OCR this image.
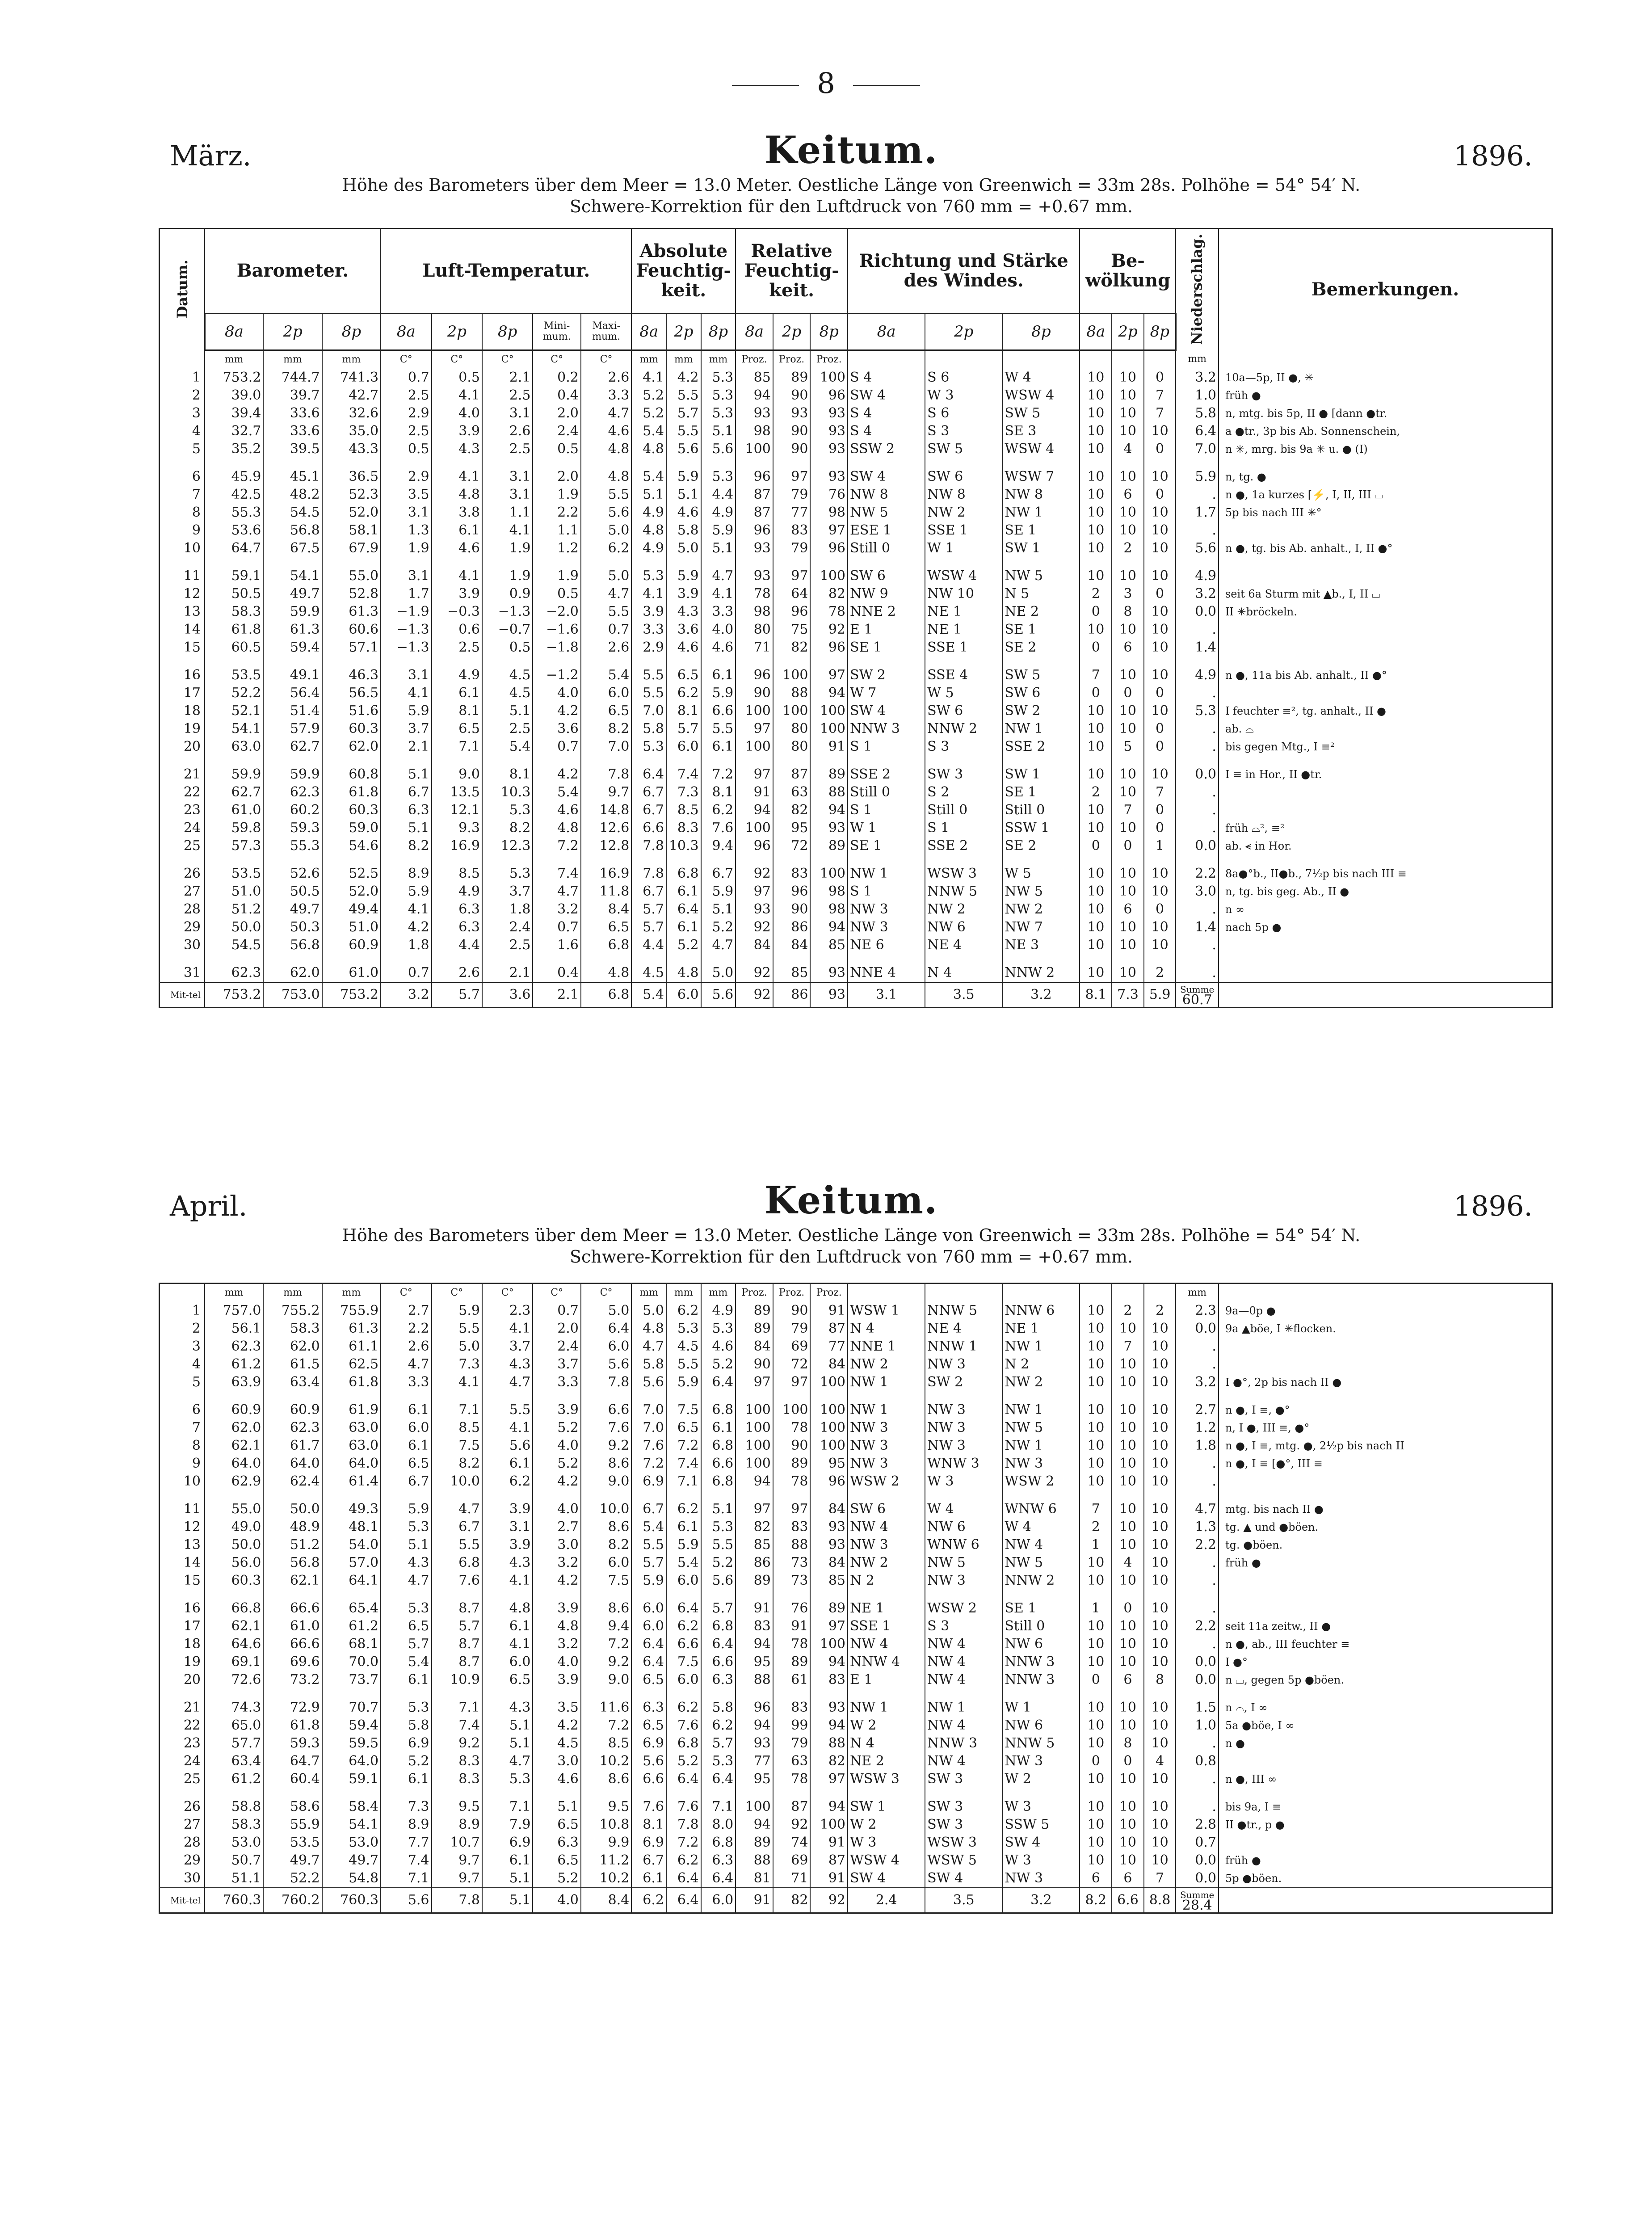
8
März.	Keitum.	1896.
Höhe des Barometers über dem Meer = 13.0 Meter. Oestliche Länge von Greenwich = 33m 28s. Polhöhe = 54° 54′ N.
Schwere-Korrektion für den Luftdruck von 760 mm = +0.67 mm.
Datum.	Barometer.			Luft-Temperatur.					Absolute Feuchtig-keit.			Relative Feuchtig-keit.			Richtung und Stärke des Windes.			Be-wölkung			Niederschlag.	Bemerkungen.
	8a	2p	8p	8a	2p	8p	Mini-mum.	Maxi-mum.	8a	2p	8p	8a	2p	8p	8a	2p	8p	8a	2p	8p		
	mm	mm	mm	C°	C°	C°	C°	C°	mm	mm	mm	Proz.	Proz.	Proz.							mm	
1	753.2	744.7	741.3	0.7	0.5	2.1	0.2	2.6	4.1	4.2	5.3	85	89	100	S 4	S 6	W 4	10	10	0	3.2	10a—5p, II ●, ✳
2	39.0	39.7	42.7	2.5	4.1	2.5	0.4	3.3	5.2	5.5	5.3	94	90	96	SW 4	W 3	WSW 4	10	10	7	1.0	früh ●
3	39.4	33.6	32.6	2.9	4.0	3.1	2.0	4.7	5.2	5.7	5.3	93	93	93	S 4	S 6	SW 5	10	10	7	5.8	n, mtg. bis 5p, II ● [dann ●tr.
4	32.7	33.6	35.0	2.5	3.9	2.6	2.4	4.6	5.4	5.5	5.1	98	90	93	S 4	S 3	SE 3	10	10	10	6.4	a ●tr., 3p bis Ab. Sonnenschein,
5	35.2	39.5	43.3	0.5	4.3	2.5	0.5	4.8	4.8	5.6	5.6	100	90	93	SSW 2	SW 5	WSW 4	10	4	0	7.0	n ✳, mrg. bis 9a ✳ u. ● (I)

6	45.9	45.1	36.5	2.9	4.1	3.1	2.0	4.8	5.4	5.9	5.3	96	97	93	SW 4	SW 6	WSW 7	10	10	10	5.9	n, tg. ●
7	42.5	48.2	52.3	3.5	4.8	3.1	1.9	5.5	5.1	5.1	4.4	87	79	76	NW 8	NW 8	NW 8	10	6	0	.	n ●, 1a kurzes ⌈⚡, I, II, III ⌴
8	55.3	54.5	52.0	3.1	3.8	1.1	2.2	5.6	4.9	4.6	4.9	87	77	98	NW 5	NW 2	NW 1	10	10	10	1.7	5p bis nach III ✳°
9	53.6	56.8	58.1	1.3	6.1	4.1	1.1	5.0	4.8	5.8	5.9	96	83	97	ESE 1	SSE 1	SE 1	10	10	10	.	
10	64.7	67.5	67.9	1.9	4.6	1.9	1.2	6.2	4.9	5.0	5.1	93	79	96	Still 0	W 1	SW 1	10	2	10	5.6	n ●, tg. bis Ab. anhalt., I, II ●°

11	59.1	54.1	55.0	3.1	4.1	1.9	1.9	5.0	5.3	5.9	4.7	93	97	100	SW 6	WSW 4	NW 5	10	10	10	4.9	
12	50.5	49.7	52.8	1.7	3.9	0.9	0.5	4.7	4.1	3.9	4.1	78	64	82	NW 9	NW 10	N 5	2	3	0	3.2	seit 6a Sturm mit ▲b., I, II ⌴
13	58.3	59.9	61.3	−1.9	−0.3	−1.3	−2.0	5.5	3.9	4.3	3.3	98	96	78	NNE 2	NE 1	NE 2	0	8	10	0.0	II ✳bröckeln.
14	61.8	61.3	60.6	−1.3	0.6	−0.7	−1.6	0.7	3.3	3.6	4.0	80	75	92	E 1	NE 1	SE 1	10	10	10	.	
15	60.5	59.4	57.1	−1.3	2.5	0.5	−1.8	2.6	2.9	4.6	4.6	71	82	96	SE 1	SSE 1	SE 2	0	6	10	1.4	

16	53.5	49.1	46.3	3.1	4.9	4.5	−1.2	5.4	5.5	6.5	6.1	96	100	97	SW 2	SSE 4	SW 5	7	10	10	4.9	n ●, 11a bis Ab. anhalt., II ●°
17	52.2	56.4	56.5	4.1	6.1	4.5	4.0	6.0	5.5	6.2	5.9	90	88	94	W 7	W 5	SW 6	0	0	0	.	
18	52.1	51.4	51.6	5.9	8.1	5.1	4.2	6.5	7.0	8.1	6.6	100	100	100	SW 4	SW 6	SW 2	10	10	10	5.3	I feuchter ≡², tg. anhalt., II ●
19	54.1	57.9	60.3	3.7	6.5	2.5	3.6	8.2	5.8	5.7	5.5	97	80	100	NNW 3	NNW 2	NW 1	10	10	0	.	ab. ⌓
20	63.0	62.7	62.0	2.1	7.1	5.4	0.7	7.0	5.3	6.0	6.1	100	80	91	S 1	S 3	SSE 2	10	5	0	.	bis gegen Mtg., I ≡²

21	59.9	59.9	60.8	5.1	9.0	8.1	4.2	7.8	6.4	7.4	7.2	97	87	89	SSE 2	SW 3	SW 1	10	10	10	0.0	I ≡ in Hor., II ●tr.
22	62.7	62.3	61.8	6.7	13.5	10.3	5.4	9.7	6.7	7.3	8.1	91	63	88	Still 0	S 2	SE 1	2	10	7	.	
23	61.0	60.2	60.3	6.3	12.1	5.3	4.6	14.8	6.7	8.5	6.2	94	82	94	S 1	Still 0	Still 0	10	7	0	.	
24	59.8	59.3	59.0	5.1	9.3	8.2	4.8	12.6	6.6	8.3	7.6	100	95	93	W 1	S 1	SSW 1	10	10	0	.	früh ⌓², ≡²
25	57.3	55.3	54.6	8.2	16.9	12.3	7.2	12.8	7.8	10.3	9.4	96	72	89	SE 1	SSE 2	SE 2	0	0	1	0.0	ab. ⪪ in Hor.

26	53.5	52.6	52.5	8.9	8.5	5.3	7.4	16.9	7.8	6.8	6.7	92	83	100	NW 1	WSW 3	W 5	10	10	10	2.2	8a●°b., II●b., 7½p bis nach III ≡
27	51.0	50.5	52.0	5.9	4.9	3.7	4.7	11.8	6.7	6.1	5.9	97	96	98	S 1	NNW 5	NW 5	10	10	10	3.0	n, tg. bis geg. Ab., II ●
28	51.2	49.7	49.4	4.1	6.3	1.8	3.2	8.4	5.7	6.4	5.1	93	90	98	NW 3	NW 2	NW 2	10	6	0	.	n ∞
29	50.0	50.3	51.0	4.2	6.3	2.4	0.7	6.5	5.7	6.1	5.2	92	86	94	NW 3	NW 6	NW 7	10	10	10	1.4	nach 5p ●
30	54.5	56.8	60.9	1.8	4.4	2.5	1.6	6.8	4.4	5.2	4.7	84	84	85	NE 6	NE 4	NE 3	10	10	10	.	

31	62.3	62.0	61.0	0.7	2.6	2.1	0.4	4.8	4.5	4.8	5.0	92	85	93	NNE 4	N 4	NNW 2	10	10	2	.	
Mit-tel	753.2	753.0	753.2	3.2	5.7	3.6	2.1	6.8	5.4	6.0	5.6	92	86	93	3.1	3.5	3.2	8.1	7.3	5.9	Summe
60.7	

April.	Keitum.	1896.
Höhe des Barometers über dem Meer = 13.0 Meter. Oestliche Länge von Greenwich = 33m 28s. Polhöhe = 54° 54′ N.
Schwere-Korrektion für den Luftdruck von 760 mm = +0.67 mm.
	mm	mm	mm	C°	C°	C°	C°	C°	mm	mm	mm	Proz.	Proz.	Proz.							mm	
1	757.0	755.2	755.9	2.7	5.9	2.3	0.7	5.0	5.0	6.2	4.9	89	90	91	WSW 1	NNW 5	NNW 6	10	2	2	2.3	9a—0p ●
2	56.1	58.3	61.3	2.2	5.5	4.1	2.0	6.4	4.8	5.3	5.3	89	79	87	N 4	NE 4	NE 1	10	10	10	0.0	9a ▲böe, I ✳flocken.
3	62.3	62.0	61.1	2.6	5.0	3.7	2.4	6.0	4.7	4.5	4.6	84	69	77	NNE 1	NNW 1	NW 1	10	7	10	.	
4	61.2	61.5	62.5	4.7	7.3	4.3	3.7	5.6	5.8	5.5	5.2	90	72	84	NW 2	NW 3	N 2	10	10	10	.	
5	63.9	63.4	61.8	3.3	4.1	4.7	3.3	7.8	5.6	5.9	6.4	97	97	100	NW 1	SW 2	NW 2	10	10	10	3.2	I ●°, 2p bis nach II ●

6	60.9	60.9	61.9	6.1	7.1	5.5	3.9	6.6	7.0	7.5	6.8	100	100	100	NW 1	NW 3	NW 1	10	10	10	2.7	n ●, I ≡, ●°
7	62.0	62.3	63.0	6.0	8.5	4.1	5.2	7.6	7.0	6.5	6.1	100	78	100	NW 3	NW 3	NW 5	10	10	10	1.2	n, I ●, III ≡, ●°
8	62.1	61.7	63.0	6.1	7.5	5.6	4.0	9.2	7.6	7.2	6.8	100	90	100	NW 3	NW 3	NW 1	10	10	10	1.8	n ●, I ≡, mtg. ●, 2½p bis nach II
9	64.0	64.0	64.0	6.5	8.2	6.1	5.2	8.6	7.2	7.4	6.6	100	89	95	NW 3	WNW 3	NW 3	10	10	10	.	n ●, I ≡ [●°, III ≡
10	62.9	62.4	61.4	6.7	10.0	6.2	4.2	9.0	6.9	7.1	6.8	94	78	96	WSW 2	W 3	WSW 2	10	10	10	.	

11	55.0	50.0	49.3	5.9	4.7	3.9	4.0	10.0	6.7	6.2	5.1	97	97	84	SW 6	W 4	WNW 6	7	10	10	4.7	mtg. bis nach II ●
12	49.0	48.9	48.1	5.3	6.7	3.1	2.7	8.6	5.4	6.1	5.3	82	83	93	NW 4	NW 6	W 4	2	10	10	1.3	tg. ▲ und ●böen.
13	50.0	51.2	54.0	5.1	5.5	3.9	3.0	8.2	5.5	5.9	5.5	85	88	93	NW 3	WNW 6	NW 4	1	10	10	2.2	tg. ●böen.
14	56.0	56.8	57.0	4.3	6.8	4.3	3.2	6.0	5.7	5.4	5.2	86	73	84	NW 2	NW 5	NW 5	10	4	10	.	früh ●
15	60.3	62.1	64.1	4.7	7.6	4.1	4.2	7.5	5.9	6.0	5.6	89	73	85	N 2	NW 3	NNW 2	10	10	10	.	

16	66.8	66.6	65.4	5.3	8.7	4.8	3.9	8.6	6.0	6.4	5.7	91	76	89	NE 1	WSW 2	SE 1	1	0	10	.	
17	62.1	61.0	61.2	6.5	5.7	6.1	4.8	9.4	6.0	6.2	6.8	83	91	97	SSE 1	S 3	Still 0	10	10	10	2.2	seit 11a zeitw., II ●
18	64.6	66.6	68.1	5.7	8.7	4.1	3.2	7.2	6.4	6.6	6.4	94	78	100	NW 4	NW 4	NW 6	10	10	10	.	n ●, ab., III feuchter ≡
19	69.1	69.6	70.0	5.4	8.7	6.0	4.0	9.2	6.4	7.5	6.6	95	89	94	NNW 4	NW 4	NNW 3	10	10	10	0.0	I ●°
20	72.6	73.2	73.7	6.1	10.9	6.5	3.9	9.0	6.5	6.0	6.3	88	61	83	E 1	NW 4	NNW 3	0	6	8	0.0	n ⌴, gegen 5p ●böen.

21	74.3	72.9	70.7	5.3	7.1	4.3	3.5	11.6	6.3	6.2	5.8	96	83	93	NW 1	NW 1	W 1	10	10	10	1.5	n ⌓, I ∞
22	65.0	61.8	59.4	5.8	7.4	5.1	4.2	7.2	6.5	7.6	6.2	94	99	94	W 2	NW 4	NW 6	10	10	10	1.0	5a ●böe, I ∞
23	57.7	59.3	59.5	6.9	9.2	5.1	4.5	8.5	6.9	6.8	5.7	93	79	88	N 4	NNW 3	NNW 5	10	8	10	.	n ●
24	63.4	64.7	64.0	5.2	8.3	4.7	3.0	10.2	5.6	5.2	5.3	77	63	82	NE 2	NW 4	NW 3	0	0	4	0.8	
25	61.2	60.4	59.1	6.1	8.3	5.3	4.6	8.6	6.6	6.4	6.4	95	78	97	WSW 3	SW 3	W 2	10	10	10	.	n ●, III ∞

26	58.8	58.6	58.4	7.3	9.5	7.1	5.1	9.5	7.6	7.6	7.1	100	87	94	SW 1	SW 3	W 3	10	10	10	.	bis 9a, I ≡
27	58.3	55.9	54.1	8.9	8.9	7.9	6.5	10.8	8.1	7.8	8.0	94	92	100	W 2	SW 3	SSW 5	10	10	10	2.8	II ●tr., p ●
28	53.0	53.5	53.0	7.7	10.7	6.9	6.3	9.9	6.9	7.2	6.8	89	74	91	W 3	WSW 3	SW 4	10	10	10	0.7	
29	50.7	49.7	49.7	7.4	9.7	6.1	6.5	11.2	6.7	6.2	6.3	88	69	87	WSW 4	WSW 5	W 3	10	10	10	0.0	früh ●
30	51.1	52.2	54.8	7.1	9.7	5.1	5.2	10.2	6.1	6.4	6.4	81	71	91	SW 4	SW 4	NW 3	6	6	7	0.0	5p ●böen.
Mit-tel	760.3	760.2	760.3	5.6	7.8	5.1	4.0	8.4	6.2	6.4	6.0	91	82	92	2.4	3.5	3.2	8.2	6.6	8.8	Summe
28.4	
